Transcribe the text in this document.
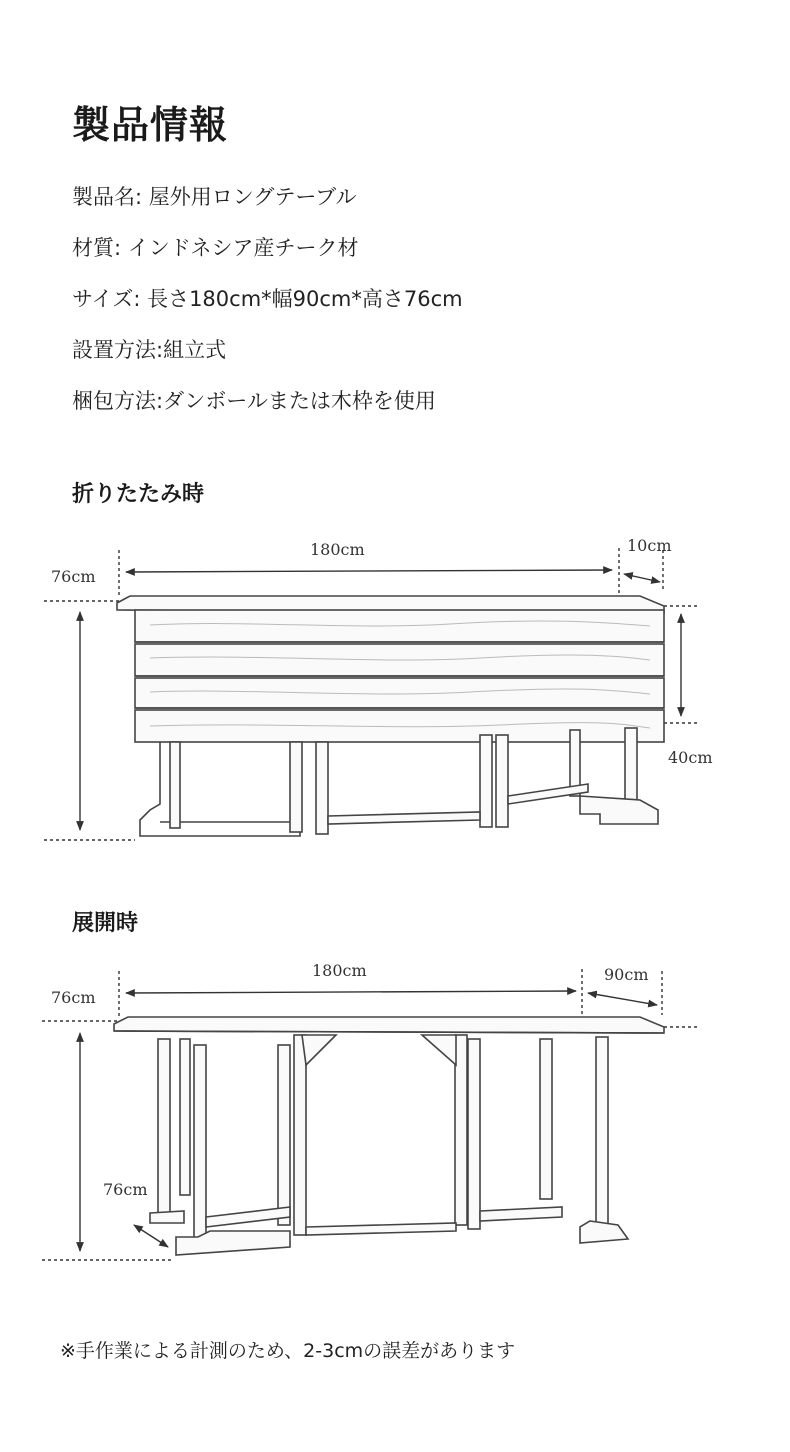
製品情報
製品名: 屋外用ロングテーブル
材質: インドネシア産チーク材
サイズ: 長さ180cm*幅90cm*高さ76cm
設置方法:組立式
梱包方法:ダンボールまたは木枠を使用
折りたたみ時
180cm	10cm
76cm
40cm
展開時
180cm	90cm
76cm
76cm

※手作業による計測のため、2-3cmの誤差があります
